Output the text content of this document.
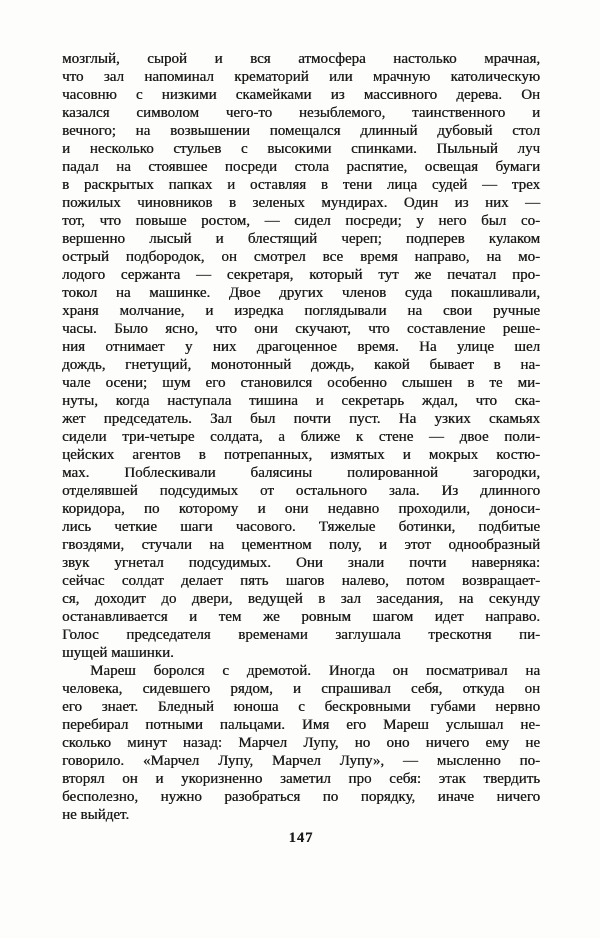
мозглый, сырой и вся атмосфера настолько мрачная,
что зал напоминал крематорий или мрачную католическую
часовню с низкими скамейками из массивного дерева. Он
казался символом чего-то незыблемого, таинственного и
вечного; на возвышении помещался длинный дубовый стол
и несколько стульев с высокими спинками. Пыльный луч
падал на стоявшее посреди стола распятие, освещая бумаги
в раскрытых папках и оставляя в тени лица судей — трех
пожилых чиновников в зеленых мундирах. Один из них —
тот, что повыше ростом, — сидел посреди; у него был со-
вершенно лысый и блестящий череп; подперев кулаком
острый подбородок, он смотрел все время направо, на мо-
лодого сержанта — секретаря, который тут же печатал про-
токол на машинке. Двое других членов суда покашливали,
храня молчание, и изредка поглядывали на свои ручные
часы. Было ясно, что они скучают, что составление реше-
ния отнимает у них драгоценное время. На улице шел
дождь, гнетущий, монотонный дождь, какой бывает в на-
чале осени; шум его становился особенно слышен в те ми-
нуты, когда наступала тишина и секретарь ждал, что ска-
жет председатель. Зал был почти пуст. На узких скамьях
сидели три-четыре солдата, а ближе к стене — двое поли-
цейских агентов в потрепанных, измятых и мокрых костю-
мах. Поблескивали балясины полированной загородки,
отделявшей подсудимых от остального зала. Из длинного
коридора, по которому и они недавно проходили, доноси-
лись четкие шаги часового. Тяжелые ботинки, подбитые
гвоздями, стучали на цементном полу, и этот однообразный
звук угнетал подсудимых. Они знали почти наверняка:
сейчас солдат делает пять шагов налево, потом возвращает-
ся, доходит до двери, ведущей в зал заседания, на секунду
останавливается и тем же ровным шагом идет направо.
Голос председателя временами заглушала трескотня пи-
шущей машинки.
Мареш боролся с дремотой. Иногда он посматривал на
человека, сидевшего рядом, и спрашивал себя, откуда он
его знает. Бледный юноша с бескровными губами нервно
перебирал потными пальцами. Имя его Мареш услышал не-
сколько минут назад: Марчел Лупу, но оно ничего ему не
говорило. «Марчел Лупу, Марчел Лупу», — мысленно по-
вторял он и укоризненно заметил про себя: этак твердить
бесполезно, нужно разобраться по порядку, иначе ничего
не выйдет.
147
